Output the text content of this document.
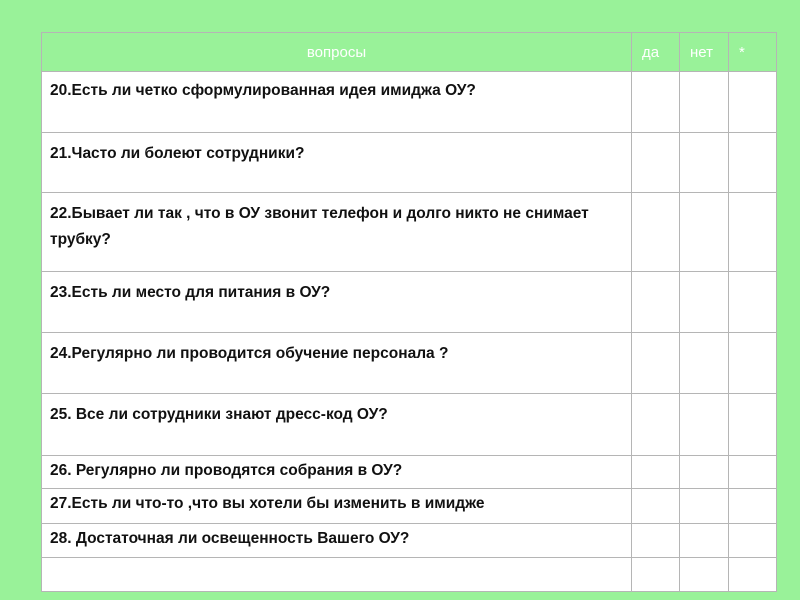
вопросы	да	нет	*
20.Есть ли четко сформулированная идея имиджа ОУ?			
21.Часто ли болеют сотрудники?			
22.Бывает ли так , что в ОУ звонит телефон и долго никто не снимает трубку?			
23.Есть ли место для питания в ОУ?			
24.Регулярно ли проводится обучение персонала ?			
25. Все ли сотрудники знают дресс-код ОУ?			
26. Регулярно ли проводятся собрания в ОУ?			
27.Есть ли что-то ,что вы хотели бы изменить в имидже			
28. Достаточная ли освещенность Вашего ОУ?			
